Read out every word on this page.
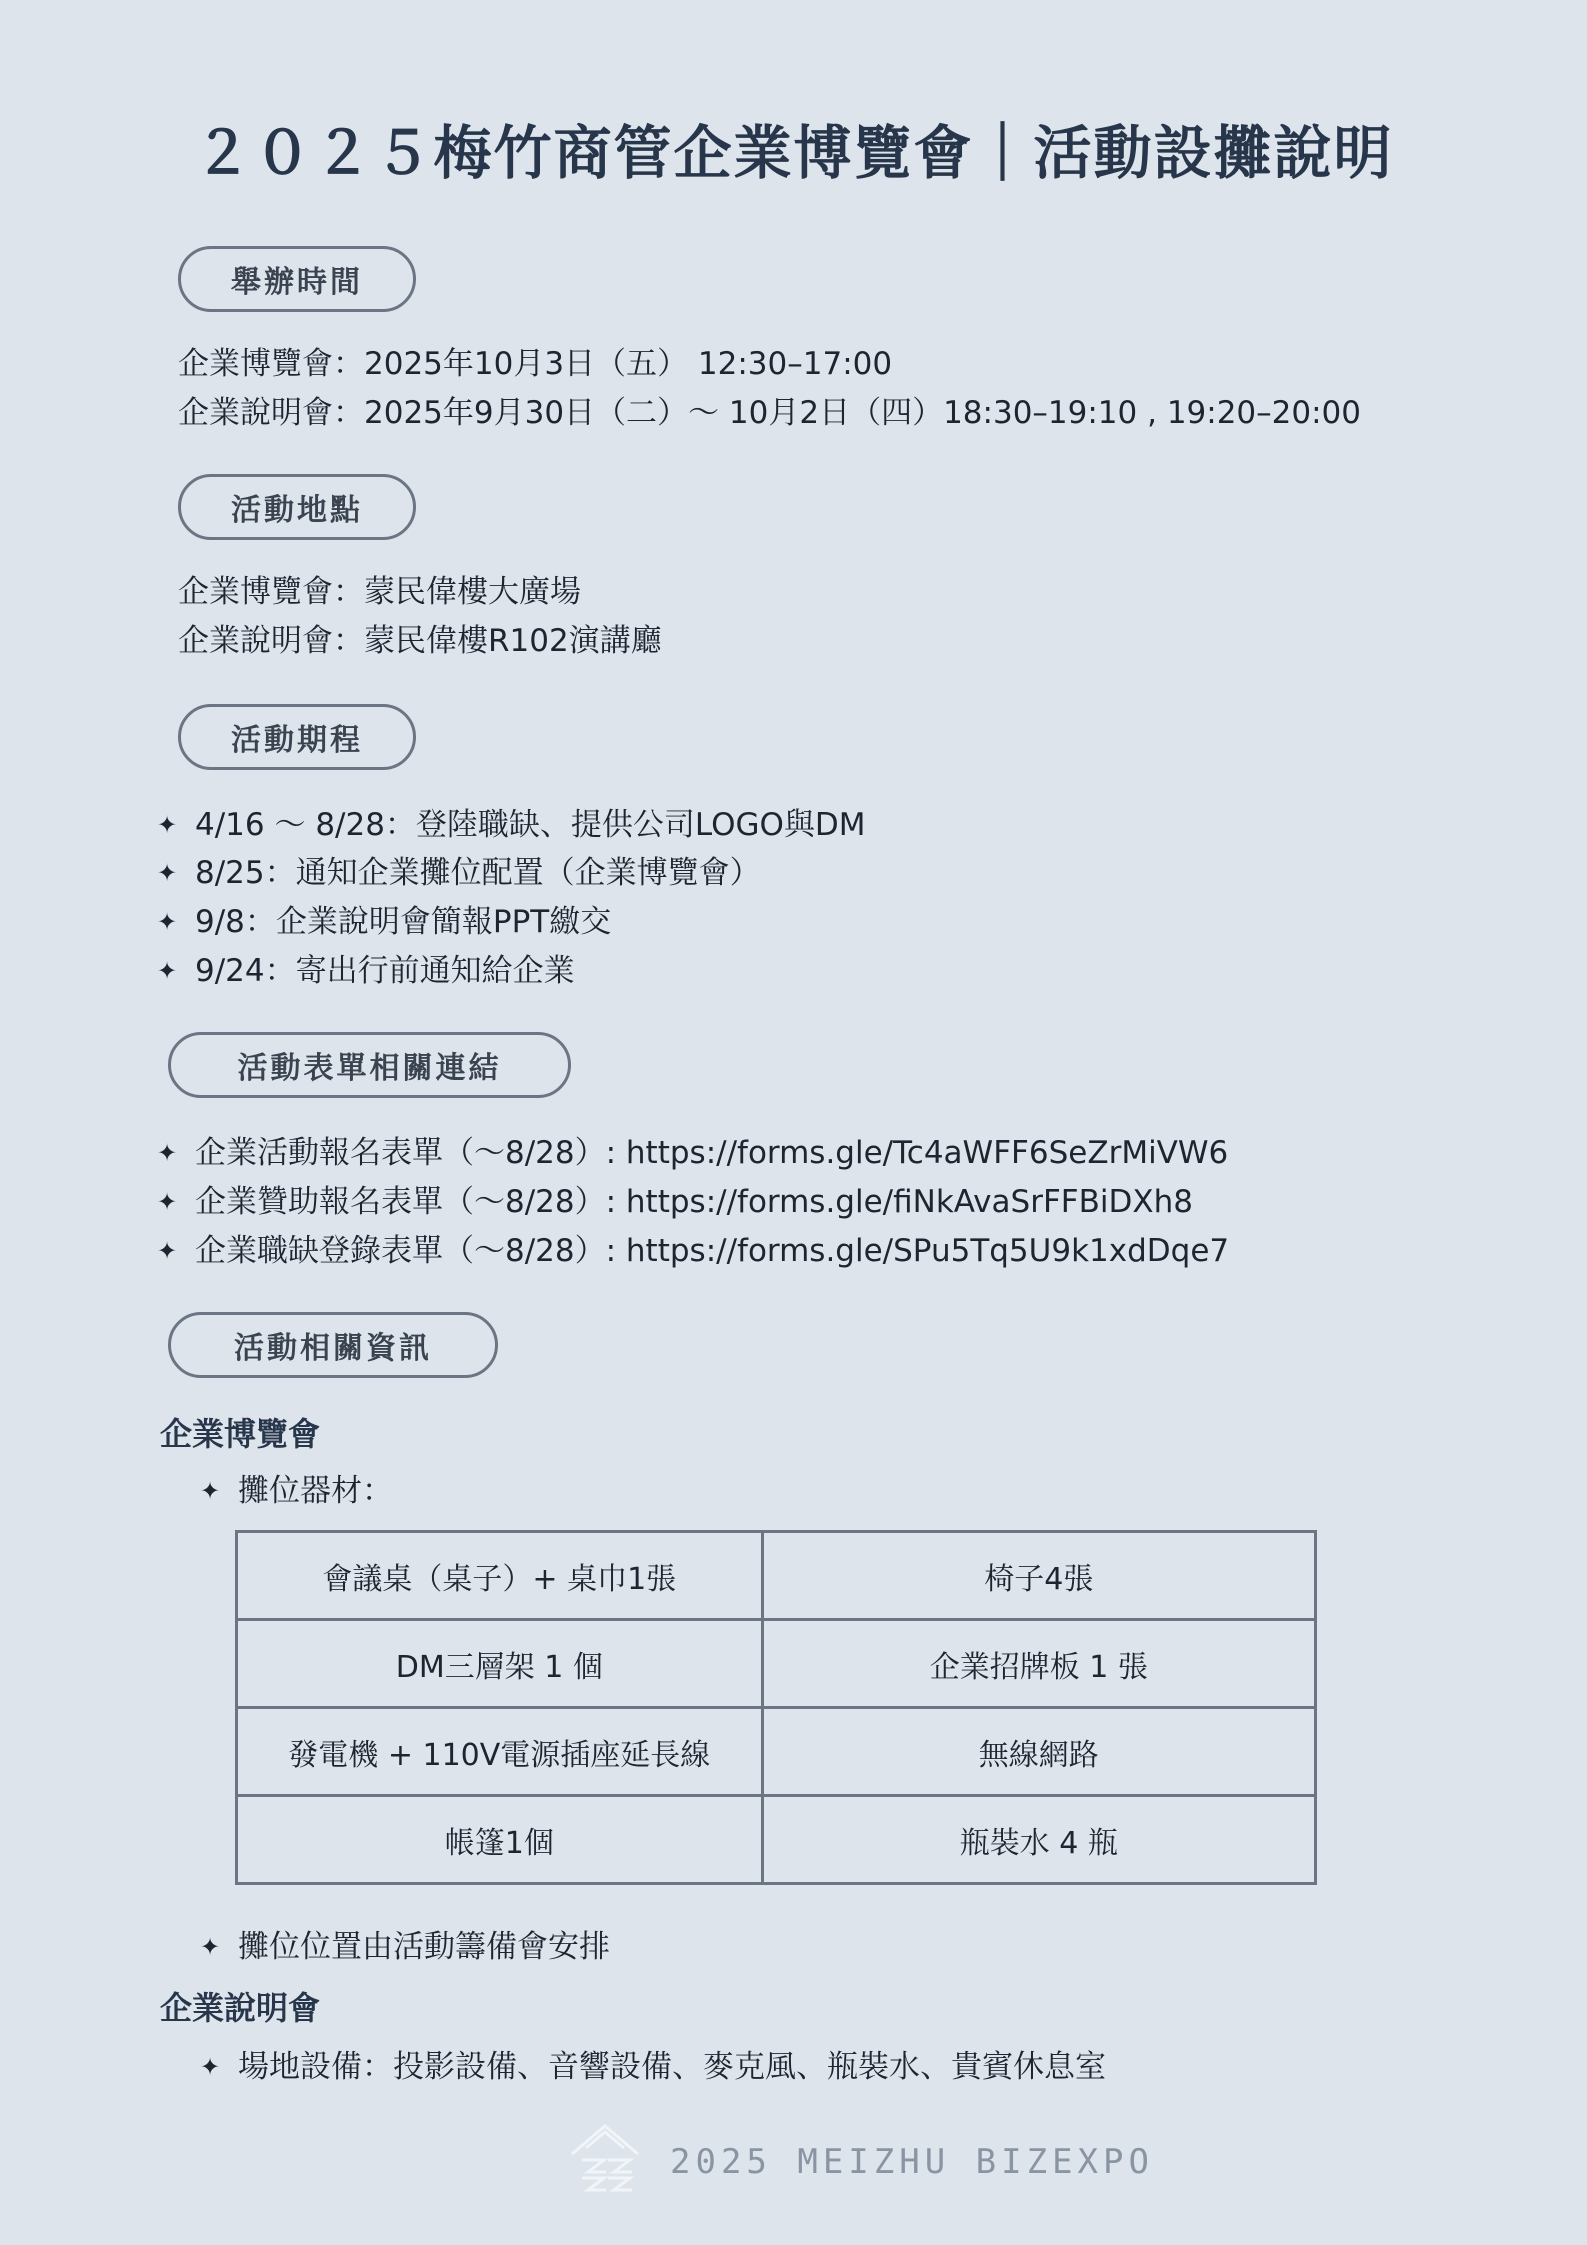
２０２５梅竹商管企業博覽會｜活動設攤說明
舉辦時間
企業博覽會：2025年10月3日（五） 12:30–17:00
企業說明會：2025年9月30日（二）～ 10月2日（四）18:30–19:10 , 19:20–20:00
活動地點
企業博覽會：蒙民偉樓大廣場
企業說明會：蒙民偉樓R102演講廳
活動期程
✦ 4/16 ～ 8/28：登陸職缺、提供公司LOGO與DM
✦ 8/25：通知企業攤位配置（企業博覽會）
✦ 9/8：企業說明會簡報PPT繳交
✦ 9/24：寄出行前通知給企業
活動表單相關連結
✦ 企業活動報名表單（～8/28）: https://forms.gle/Tc4aWFF6SeZrMiVW6
✦ 企業贊助報名表單（～8/28）: https://forms.gle/fiNkAvaSrFFBiDXh8
✦ 企業職缺登錄表單（～8/28）: https://forms.gle/SPu5Tq5U9k1xdDqe7
活動相關資訊
企業博覽會
✦ 攤位器材：
會議桌（桌子）+ 桌巾1張	椅子4張
DM三層架 1 個	企業招牌板 1 張
發電機 + 110V電源插座延長線	無線網路
帳篷1個	瓶裝水 4 瓶
✦ 攤位位置由活動籌備會安排
企業說明會
✦ 場地設備：投影設備、音響設備、麥克風、瓶裝水、貴賓休息室
2025 MEIZHU BIZEXPO
